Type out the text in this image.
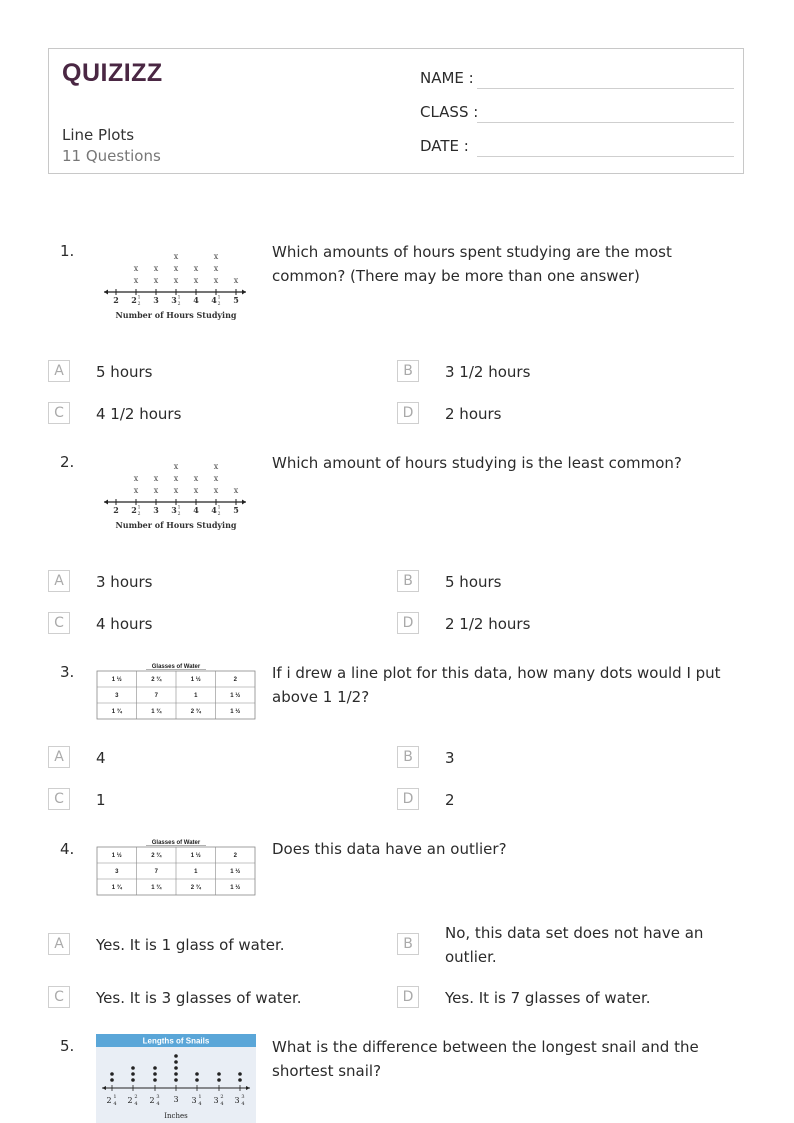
QUIZIZZ
Line Plots
11 Questions
NAME :
CLASS :
DATE :
1.
2 2 1
2
x
x
3
x
x
3 1
2
x
x
x
4
x
x
4 1
2
x
x
x
5
x
Number of Hours Studying
Which amounts of hours spent studying are the most common? (There may be more than one answer)
A	5 hours	B	3 1/2 hours
C	4 1/2 hours	D	2 hours
2.
2 2 1
2
x
x
3
x
x
3 1
2
x
x
x
4
x
x
4 1
2
x
x
x
5
x
Number of Hours Studying
Which amount of hours studying is the least common?
A	3 hours	B	5 hours
C	4 hours	D	2 1/2 hours
3.	Glasses of Water
1 ½	2 ¾	1 ½	2
3	7	1	1 ½
1 ¾	1 ¾	2 ¾	1 ½
If i drew a line plot for this data, how many dots would I put above 1 1/2?
A	4	B	3
C	1	D	2
4.	Glasses of Water
1 ½	2 ¾	1 ½	2
3	7	1	1 ½
1 ¾	1 ¾	2 ¾	1 ½
Does this data have an outlier?
A	Yes. It is 1 glass of water.	B
No, this data set does not have an outlier.
C	Yes. It is 3 glasses of water.	D	Yes. It is 7 glasses of water.
5.	Lengths of Snails
2 1
4 2 2
4 2 3
4 3 3 1
4 3 2
4 3 3
4
Inches
What is the difference between the longest snail and the shortest snail?
